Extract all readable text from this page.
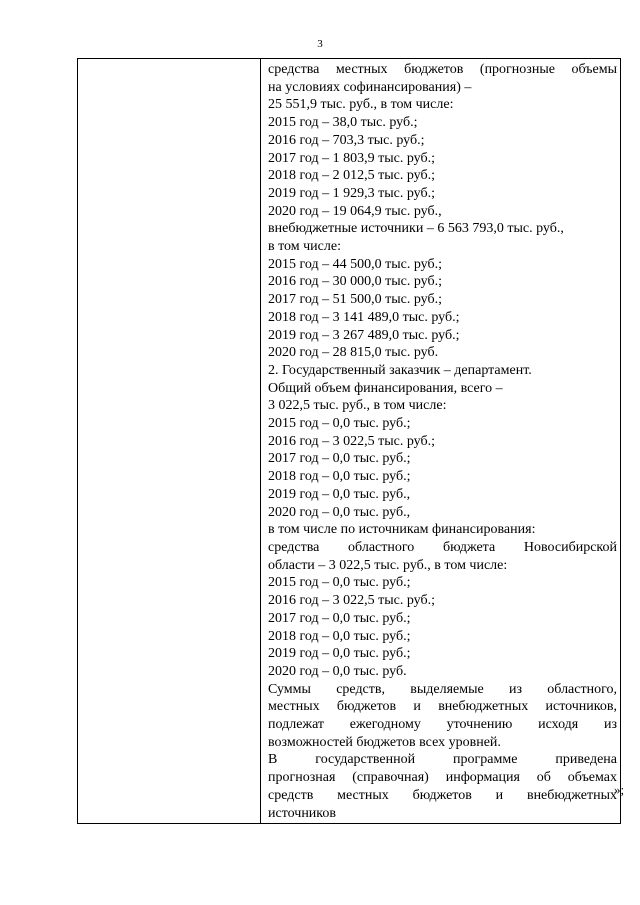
3

средства местных бюджетов (прогнозные объемы
на условиях софинансирования) –
25 551,9 тыс. руб., в том числе:
2015 год – 38,0 тыс. руб.;
2016 год – 703,3 тыс. руб.;
2017 год – 1 803,9 тыс. руб.;
2018 год – 2 012,5 тыс. руб.;
2019 год – 1 929,3 тыс. руб.;
2020 год – 19 064,9 тыс. руб.,
внебюджетные источники – 6 563 793,0 тыс. руб.,
в том числе:
2015 год – 44 500,0 тыс. руб.;
2016 год – 30 000,0 тыс. руб.;
2017 год – 51 500,0 тыс. руб.;
2018 год – 3 141 489,0 тыс. руб.;
2019 год – 3 267 489,0 тыс. руб.;
2020 год – 28 815,0 тыс. руб.
2. Государственный заказчик – департамент.
Общий объем финансирования, всего –
3 022,5 тыс. руб., в том числе:
2015 год – 0,0 тыс. руб.;
2016 год – 3 022,5 тыс. руб.;
2017 год – 0,0 тыс. руб.;
2018 год – 0,0 тыс. руб.;
2019 год – 0,0 тыс. руб.,
2020 год – 0,0 тыс. руб.,
в том числе по источникам финансирования:
средства областного бюджета Новосибирской
области – 3 022,5 тыс. руб., в том числе:
2015 год – 0,0 тыс. руб.;
2016 год – 3 022,5 тыс. руб.;
2017 год – 0,0 тыс. руб.;
2018 год – 0,0 тыс. руб.;
2019 год – 0,0 тыс. руб.;
2020 год – 0,0 тыс. руб.
Суммы средств, выделяемые из областного,
местных бюджетов и внебюджетных источников,
подлежат ежегодному уточнению исходя из
возможностей бюджетов всех уровней.
В государственной программе приведена
прогнозная (справочная) информация об объемах
средств местных бюджетов и внебюджетных
источников
»;
